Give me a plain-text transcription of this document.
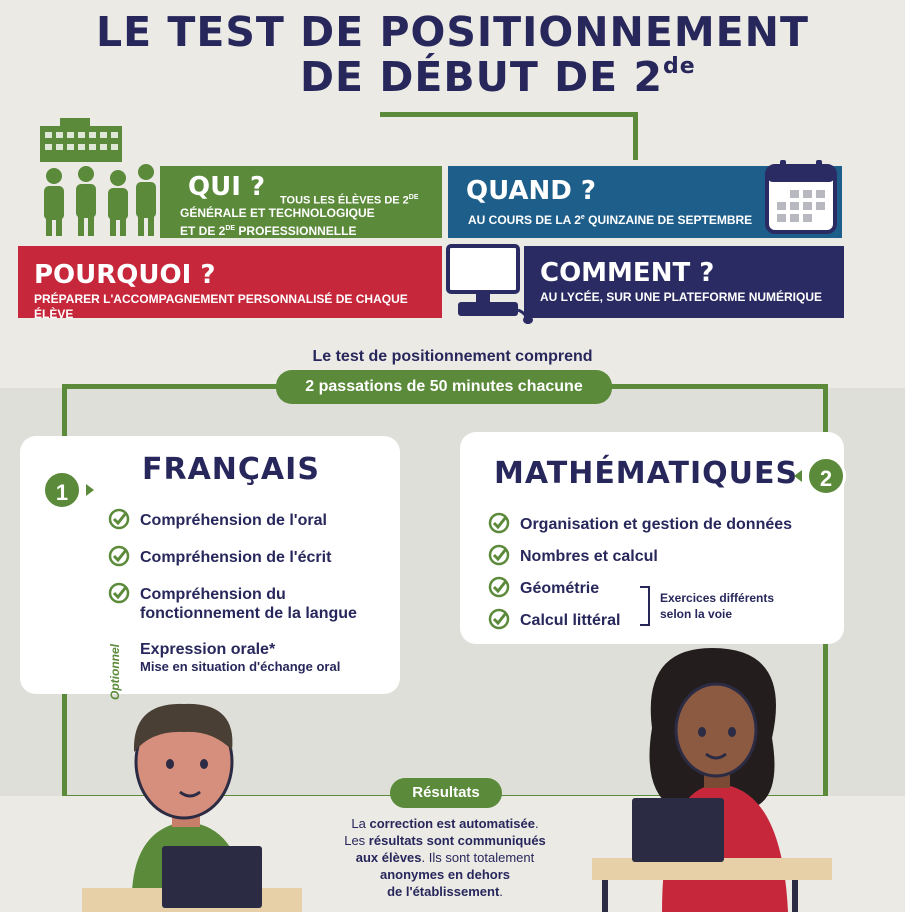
LE TEST DE POSITIONNEMENT
DE DÉBUT DE 2de
QUI ? TOUS LES ÉLÈVES DE 2DE
GÉNÉRALE ET TECHNOLOGIQUE
ET DE 2DE PROFESSIONNELLE
QUAND ?
AU COURS DE LA 2e QUINZAINE DE SEPTEMBRE
POURQUOI ?
PRÉPARER L'ACCOMPAGNEMENT PERSONNALISÉ DE CHAQUE ÉLÈVE
COMMENT ?
AU LYCÉE, SUR UNE PLATEFORME NUMÉRIQUE
Le test de positionnement comprend
2 passations de 50 minutes chacune
1
FRANÇAIS
Compréhension de l'oral
Compréhension de l'écrit
Compréhension du
fonctionnement de la langue
Optionnel Expression orale*
Mise en situation d'échange oral
MATHÉMATIQUES 2
Organisation et gestion de données
Nombres et calcul
Géométrie
Calcul littéral
Exercices différents
selon la voie
Résultats
La correction est automatisée.
Les résultats sont communiqués
aux élèves. Ils sont totalement
anonymes en dehors
de l'établissement.
